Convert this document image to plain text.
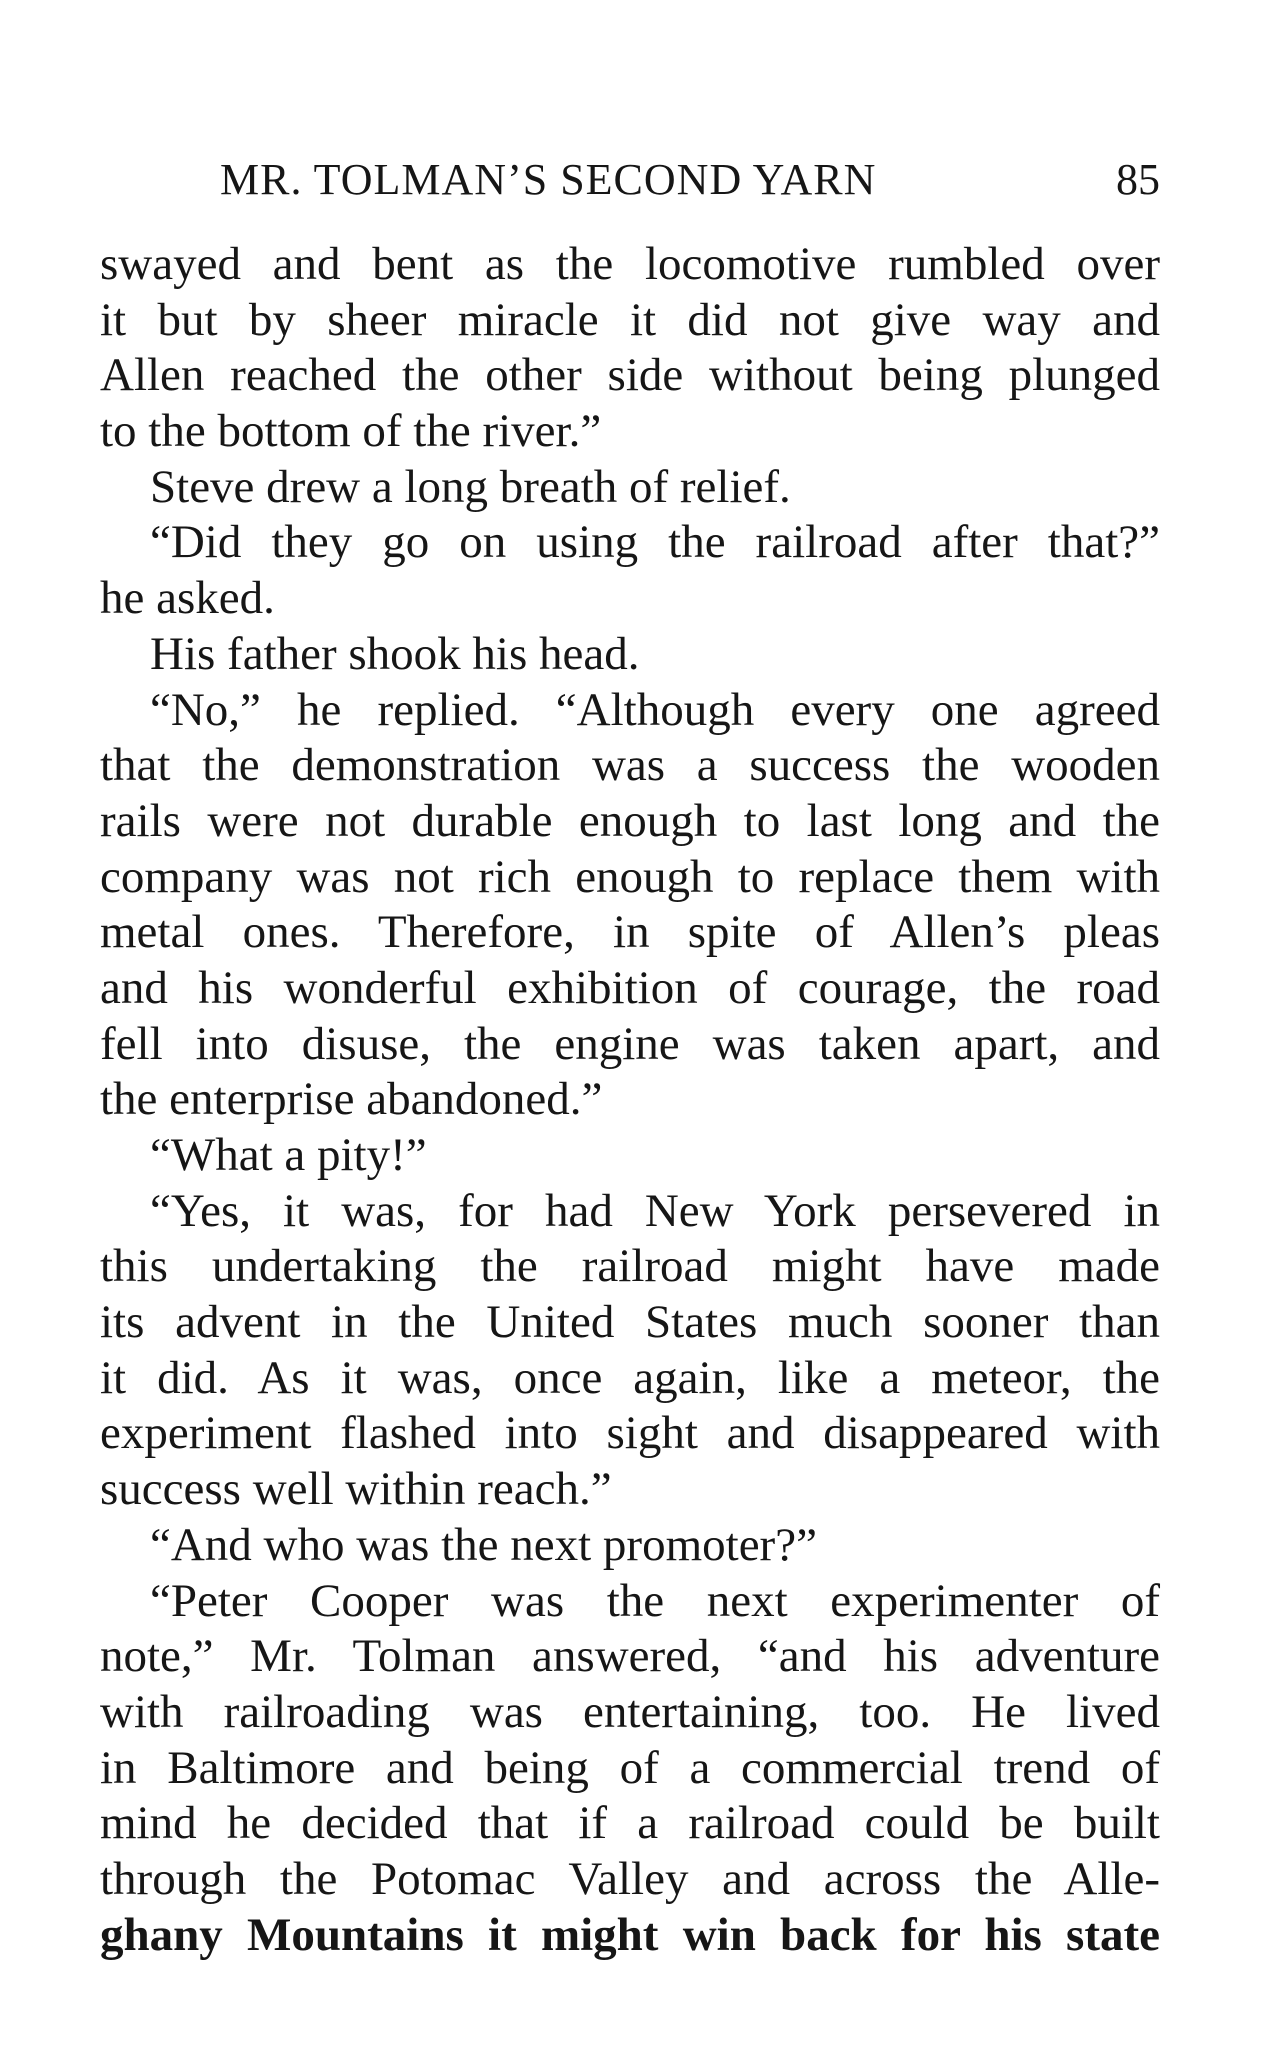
MR. TOLMAN’S SECOND YARN	85
swayed and bent as the locomotive rumbled over
it but by sheer miracle it did not give way and
Allen reached the other side without being plunged
to the bottom of the river.”
Steve drew a long breath of relief.
“Did they go on using the railroad after that?”
he asked.
His father shook his head.
“No,” he replied. “Although every one agreed
that the demonstration was a success the wooden
rails were not durable enough to last long and the
company was not rich enough to replace them with
metal ones. Therefore, in spite of Allen’s pleas
and his wonderful exhibition of courage, the road
fell into disuse, the engine was taken apart, and
the enterprise abandoned.”
“What a pity!”
“Yes, it was, for had New York persevered in
this undertaking the railroad might have made
its advent in the United States much sooner than
it did. As it was, once again, like a meteor, the
experiment flashed into sight and disappeared with
success well within reach.”
“And who was the next promoter?”
“Peter Cooper was the next experimenter of
note,” Mr. Tolman answered, “and his adventure
with railroading was entertaining, too. He lived
in Baltimore and being of a commercial trend of
mind he decided that if a railroad could be built
through the Potomac Valley and across the Alle-
ghany Mountains it might win back for his state
